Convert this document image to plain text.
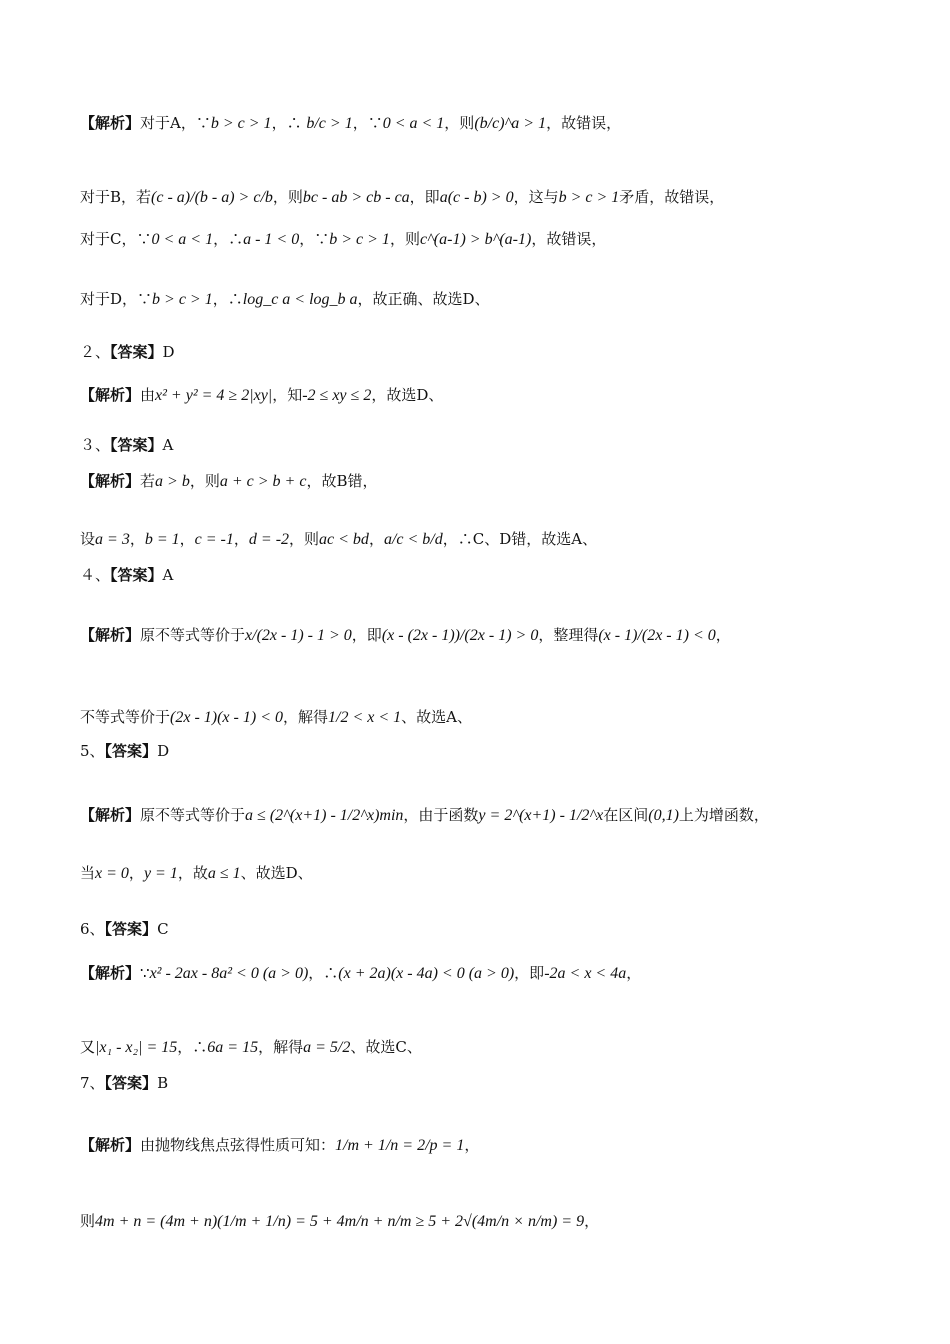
【解析】对于A，∵b > c > 1，∴ b/c > 1，∵0 < a < 1，则(b/c)^a > 1，故错误，
对于B，若(c - a)/(b - a) > c/b，则bc - ab > cb - ca，即a(c - b) > 0，这与b > c > 1矛盾，故错误，
对于C，∵0 < a < 1，∴a - 1 < 0，∵b > c > 1，则c^(a-1) > b^(a-1)，故错误，
对于D，∵b > c > 1，∴log_c a < log_b a，故正确、故选D、
２、【答案】D
【解析】由x² + y² = 4 ≥ 2|xy|，知-2 ≤ xy ≤ 2，故选D、
３、【答案】A
【解析】若a > b，则a + c > b + c，故B错，
设a = 3，b = 1，c = -1，d = -2，则ac < bd，a/c < b/d，∴C、D错，故选A、
４、【答案】A
【解析】原不等式等价于x/(2x - 1) - 1 > 0，即(x - (2x - 1))/(2x - 1) > 0，整理得(x - 1)/(2x - 1) < 0，
不等式等价于(2x - 1)(x - 1) < 0，解得1/2 < x < 1、故选A、
5、【答案】D
【解析】原不等式等价于a ≤ (2^(x+1) - 1/2^x)min，由于函数y = 2^(x+1) - 1/2^x在区间(0,1)上为增函数，
当x = 0，y = 1，故a ≤ 1、故选D、
6、【答案】C
【解析】∵x² - 2ax - 8a² < 0 (a > 0)，∴(x + 2a)(x - 4a) < 0 (a > 0)，即-2a < x < 4a，
又|x₁ - x₂| = 15，∴6a = 15，解得a = 5/2、故选C、
7、【答案】B
【解析】由抛物线焦点弦得性质可知：1/m + 1/n = 2/p = 1，
则4m + n = (4m + n)(1/m + 1/n) = 5 + 4m/n + n/m ≥ 5 + 2√(4m/n × n/m) = 9，
